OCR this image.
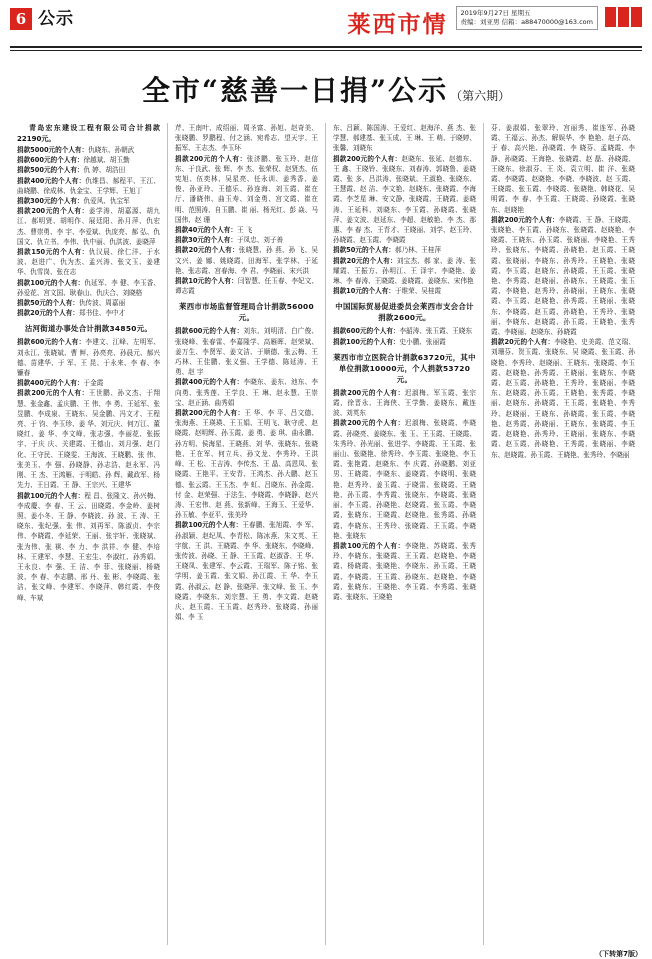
6 公示	莱西市情 2019年9月27日 星期五
责编：刘亚男 信箱：a88470000@163.com
全市“慈善一日捐”公示 （第六期）
青岛宏东建设工程有限公司合计捐款22190元。
捐款5000元的个人有：仇晓东、孙朝武
捐款600元的个人有：徐越斌、胡玉勤
捐款500元的个人有：仇 婷、胡浩田
捐款400元的个人有：仇维昌、郝程平、王江、曲晓鹏、徐成林、仇金宝、王学辉、王旭丁
捐款300元的个人有：仇爱风、仇宝军
捐款200元的个人有：姜学涛、胡嘉源、胡九江、郝明贤、胡明作、展廷阳、孙月萍、仇宏杰、曹崇勇、李 宇、李爱斌、仇庞亮、郝 弘、仇国文、仇立书、李伟、仇中丽、仇洪波、姜晓萍
捐款150元的个人有：仇汉晨、徐仁洋、于水波、赵进广、仇为杰、孟兴涛、张文玉、姜建华、仇雪岗、张在志
捐款100元的个人有：仇延军、李 健、李玉香、孙爱花、宫文国、耿春山、仇庆合、刘晓格
捐款50元的个人有：仇传波、周嘉丽
捐款20元的个人有：郑书佳、李中才
沽河街道办事处合计捐款34850元。
捐款600元的个人有：李建文、江峰、左明军、刘永江、张晓斌、曹 鲆、孙亮亮、孙晨元、郝兴德、苗建华、于 军、王 昆、于永来、李 春、李镰春
捐款400元的个人有：于金霞
捐款200元的个人有：王世鹏、孙文杰、于翔慧、张金鑫、孟庆鹏、王 伟、李 勇、王延军、张昱鹏、李成泉、王晓东、吴金鹏、冯文才、王程亮、于 钧、李玉珍、姜 华、刘元庆、何万江、董晓红、姜 华、李文峰、张志强、李丽花、张振宇、于庆 庆、关建霞、王德山、刘月强、赵门化、王守民、王晓雯、王海波、王晓鹏、张 伟、张美玉、李 强、孙晓静、孙志浩、赵永军、冯 刚、王 杰、王鸿雁、于明皓、孙 辉、戴政军、杨先力、王日霞、王 静、王宗兴、王建华
捐款100元的个人有：程 昌、张隆文、孙兴梅、李成慶、李 春、王 云、田晓霞、李金岭、姜树照、姜小冬、王 静、李晓波、孙 波、王 涛、王晓东、张纪强、张 伟、刘再军、陈淑贞、李宗伟、李晓霞、李延荣、王丽、张宇轩、张晓斌、张为伟、张 祺、李 力、李 洪祥、李 健、李培林、王建军、李慧、王宏生、李淑红、孙秀娟、王永良、李 强、王 洁、李 菲、张晓丽、杨晓波、李 春、李志鹏、邢 丹、张 彬、李晓霞、张 洁、张文峰、李建军、李晓萍、韩红霞、李俊峰、车斌
芹、王南叶、成绍丽、周圣富、孙旭、赵奇美、张晓鹏、罗鹏程、付之涵、宛希志、望天宇、王振军、王志杰、李玉环
捐款200元的个人有：张济鹏、张玉玲、赵信东、于良武、张 辉、李 杰、张荣权、赵贤杰、伍宪旭、伍奕林、吴星亮、任永训、姜秀香、姜 俊、孙亚玲、王德乐、孙连海、刘玉霞、崔在厅、潘晓伟、曲玉寿、刘金勇、宫文霞、崔在明、范照涛、自玉鹏、崔 丽、杨光红、彭 焱、马国伟、赵 珊
捐款40元的个人有：王 飞
捐款30元的个人有：于凤忠、刘子善
捐款20元的个人有：张晓慧、孙 燕、孙 飞、吴文兴、姜 娜、姚晓霞、田海军、张学林、于延艳、张志霞、宫春海、李 君、李晓丽、宋兴洪
捐款10元的个人有：闫智慧、任玉春、李妃文、谭志霞
莱西市市场监督管理局合计捐款56000元。
捐款600元的个人有：刘东、刘明清、白广俊、张晓峰、张春雷、李嘉隆学、高雁晖、赵荣斌、姜万生、李贤军、姜文洁、于顺德、张云梅、王巧林、王佳鹏、张义强、王学德、陈延涛、王 勇、赵 宇
捐款400元的个人有：李晓东、姜东、池东、李向勇、张秀莲、王学良、王 琳、赵永慧、王崇宝、赵正涵、曲秀娟
捐款200元的个人有：王 华、李 平、吕文德、张海燕、王瑛瑛、王玉娟、王明飞、耿守虎、赵晓霞、赵明辉、孙玉霞、姜 勇、姜 琪、曲永鹏、孙方明、侯海星、王晓燕、刘 华、张晓东、张晓艳、王在军、何立兵、孙文龙、李秀玲、王洪峰、王 松、王吉涛、李传杰、王 晶、高恩凤、张晓霞、王艳平、王安青、王鸿杰、孙大鹏、赵玉德、张云霞、王玉杰、李 虹、吕晓东、孙金霞、付 金、赵荣强、于法生、李晓霞、李晓静、赵兴涛、王宏伟、赵 燕、张新峰、王海玉、王爱华、孙玉敏、李亚平、张美玲
捐款100元的个人有：王春鹏、张旭霞、李 军、孙淑颖、赵纪凤、李青松、陈冰燕、朱文英、王宇航、王 洪、王晓霞、李 华、张晓东、李晓峰、张传波、孙晓、王 静、王玉霞、赵淑香、王 华、王晓凤、张建军、李云霞、王瑞军、陈子铭、张学明、姜玉霞、张文娟、孙江霞、王 华、李玉霞、孙淑云、赵 静、张晓萍、张文峰、张 玉、李晓霞、李晓东、刘宗慧、王 勇、李文霞、赵晓庆、赵玉霞、王玉霞、赵秀玲、张晓霞、孙丽娟、李 玉
东、吕颖、陈国涛、王爱红、赵海洋、燕 杰、张学慧、郝建基、张玉成、王 琳、王 萌、于晓婷、张馨、刘晓东
捐款200元的个人有：赵晓东、张延、赵德东、王 鑫、王晓铃、张晓东、刘春涛、郭晓鲁、姜晓霞、张 多、吕洪涛、张晓斌、王淑艳、张晓东、王慧霞、赵 洁、李文艳、赵晓东、张晓霞、李海霞、李芝星 琳、安文静、张晓霞、王晓霞、姜晓涛、王延科、刘晓东、李玉霞、孙晓霞、张晓萍、姜文波、赵延东、李超、赵敏艳、李 杰、那 惠、李 春 杰、王青才、王晓丽、刘学、赵玉玲、孙晓霞、赵玉霞、李晓霞
捐款50元的个人有：郝乃林、王桂萍
捐款20元的个人有：刘宝杰、郝 家、姜 涛、张 耀霞、王振方、孙明江、王 泽宇、李晓艳、姜 琳、李 春涛、王晓霞、姜晓霞、姜晓东、宋伟艳
捐款10元的个人有：于维荣、吴桂霞
中国国际贸易促进委员会莱西市支会合计捐款2600元。
捐款600元的个人有：李韶涛、张玉霞、王晓东
捐款100元的个人有：史小鹏、张丽霞
莱西市市立医院合计捐款63720元，其中单位捐款10000元，个人捐款53720元。
捐款200元的个人有：迟淑梅、军玉霞、张宗霞、徐晋永、王海侠、王学勤、姜晓东、戴连波、刘英东
捐款200元的个人有：迟淑梅、张晓霞、李晓霞、孙晓亮、姜晓东、张 玉、王玉霞、王晓霞、朱秀玲、孙光丽、张进学、李晓霞、王玉霞、张丽山、张晓艳、徐秀玲、李玉霞、张晓艳、李玉霞、张艳霞、赵晓东、李 庆霞、孙晓鹏、刘亚男、王晓霞、李晓东、姜晓霞、李晓明、张晓艳、赵秀玲、姜玉霞、于晓雷、张晓霞、王晓艳、孙玉霞、李秀霞、张晓东、李晓霞、张晓丽、李玉霞、孙晓艳、赵晓霞、张玉霞、李晓霞、张晓东、王晓霞、赵晓艳、张秀霞、孙晓霞、李晓东、王秀玲、张晓霞、王玉霞、李晓艳、张晓东
捐款100元的个人有：李晓艳、苏晓霞、张秀玲、李晓东、张晓霞、王玉霞、赵晓艳、李晓霞、杨晓霞、张晓艳、李晓东、孙玉霞、王晓霞、李晓霞、王玉霞、孙晓东、赵晓艳、李晓霞、张晓东、王晓艳、李玉霞、李秀霞、张晓霞、张晓东、王晓艳
芬、姜淑娟、张翠玲、宫丽秀、崔连军、孙晓霞、王福云、孙杰、解娱华、李 艳艳、赵子高、于 春、高兴艳、孙晓霞、李 晓芬、孟晓霞、李 静、孙晓霞、王海艳、张晓霞、赵 磊、孙晓霞、王晓东、徐淑芬、王 炎、袁立明、崔 洋、张晓霞、李晓霞、赵晓艳、李晓、李晓波、赵 玉霞、王晓霞、张玉霞、李晓霞、张晓艳、韩晓花、吴明霞、李 春、李玉霞、王晓霞、孙晓霞、张晓东、赵晓艳
捐款200元的个人有：李晓霞、王 静、王晓霞、张晓艳、李玉霞、孙晓东、张晓霞、赵晓艳、李晓霞、王晓东、孙玉霞、张晓丽、李晓艳、王秀玲、张晓东、李晓霞、孙晓艳、赵玉霞、王晓霞、张晓丽、李晓东、孙秀玲、王晓艳、张晓霞、李玉霞、赵晓东、孙晓霞、王玉霞、张晓艳、李秀霞、赵晓丽、孙晓东、王晓霞、张玉霞、李晓艳、赵秀玲、孙晓丽、王晓东、张晓霞、李玉霞、赵晓艳、孙秀霞、王晓丽、张晓东、李晓霞、赵玉霞、孙晓艳、王秀玲、张晓丽、李晓东、赵晓霞、孙玉霞、王晓艳、张秀霞、李晓丽、赵晓东、孙晓霞
捐款20元的个人有：李晓艳、史美霞、范文瑞、刘珊芬、贺玉霞、张晓东、吴 晓霞、张玉霞、孙晓艳、李秀玲、赵晓丽、王晓东、张晓霞、李玉霞、赵晓艳、孙秀霞、王晓丽、张晓东、李晓霞、赵玉霞、孙晓艳、王秀玲、张晓丽、李晓东、赵晓霞、孙玉霞、王晓艳、张秀霞、李晓丽、赵晓东、孙晓霞、王玉霞、张晓艳、李秀玲、赵晓丽、王晓东、孙晓霞、张玉霞、李晓艳、赵秀霞、孙晓丽、王晓东、张晓霞、李玉霞、赵晓艳、孙秀玲、王晓丽、张晓东、李晓霞、赵玉霞、孙晓艳、王秀霞、张晓丽、李晓东、赵晓霞、孙玉霞、王晓艳、张秀玲、李晓丽
（下转第7版）
